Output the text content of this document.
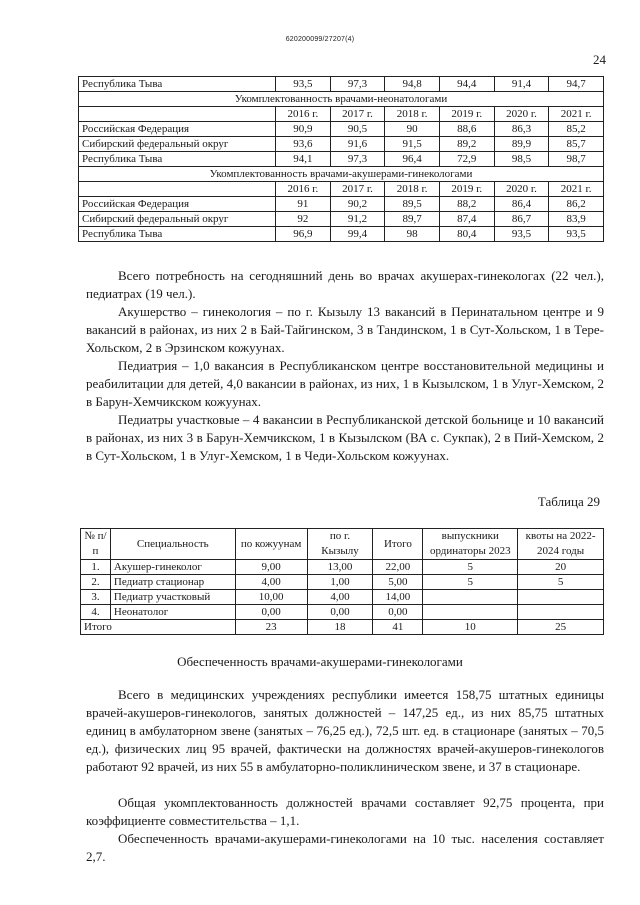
620200099/27207(4)
24
Республика Тыва	93,5	97,3	94,8	94,4	91,4	94,7
Укомплектованность врачами-неонатологами						
	2016 г.	2017 г.	2018 г.	2019 г.	2020 г.	2021 г.
Российская Федерация	90,9	90,5	90	88,6	86,3	85,2
Сибирский федеральный округ	93,6	91,6	91,5	89,2	89,9	85,7
Республика Тыва	94,1	97,3	96,4	72,9	98,5	98,7
Укомплектованность врачами-акушерами-гинекологами						
	2016 г.	2017 г.	2018 г.	2019 г.	2020 г.	2021 г.
Российская Федерация	91	90,2	89,5	88,2	86,4	86,2
Сибирский федеральный округ	92	91,2	89,7	87,4	86,7	83,9
Республика Тыва	96,9	99,4	98	80,4	93,5	93,5

Всего потребность на сегодняшний день во врачах акушерах-гинекологах (22 чел.), педиатрах (19 чел.).

Акушерство – гинекология – по г. Кызылу 13 вакансий в Перинатальном центре и 9 вакансий в районах, из них 2 в Бай-Тайгинском, 3 в Тандинском, 1 в Сут-Хольском, 1 в Тере-Хольском, 2 в Эрзинском кожуунах.

Педиатрия – 1,0 вакансия в Республиканском центре восстановительной медицины и реабилитации для детей, 4,0 вакансии в районах, из них, 1 в Кызылском, 1 в Улуг-Хемском, 2 в Барун-Хемчикском кожуунах.

Педиатры участковые – 4 вакансии в Республиканской детской больнице и 10 вакансий в районах, из них 3 в Барун-Хемчикском, 1 в Кызылском (ВА с. Сукпак), 2 в Пий-Хемском, 2 в Сут-Хольском, 1 в Улуг-Хемском, 1 в Чеди-Хольском кожуунах.

Таблица 29
№ п/п	Специальность	по кожуунам	по г. Кызылу	Итого	выпускники ординаторы 2023	квоты на 2022-2024 годы
1.	Акушер-гинеколог	9,00	13,00	22,00	5	20
2.	Педиатр стационар	4,00	1,00	5,00	5	5
3.	Педиатр участковый	10,00	4,00	14,00		
4.	Неонатолог	0,00	0,00	0,00		
Итого		23	18	41	10	25
Обеспеченность врачами-акушерами-гинекологами

Всего в медицинских учреждениях республики имеется 158,75 штатных единицы врачей-акушеров-гинекологов, занятых должностей – 147,25 ед., из них 85,75 штатных единиц в амбулаторном звене (занятых – 76,25 ед.), 72,5 шт. ед. в стационаре (занятых – 70,5 ед.), физических лиц 95 врачей, фактически на должностях врачей-акушеров-гинекологов работают 92 врачей, из них 55 в амбулаторно-поликлиническом звене, и 37 в стационаре.

Общая укомплектованность должностей врачами составляет 92,75 процента, при коэффициенте совместительства – 1,1.

Обеспеченность врачами-акушерами-гинекологами на 10 тыс. населения составляет 2,7.
